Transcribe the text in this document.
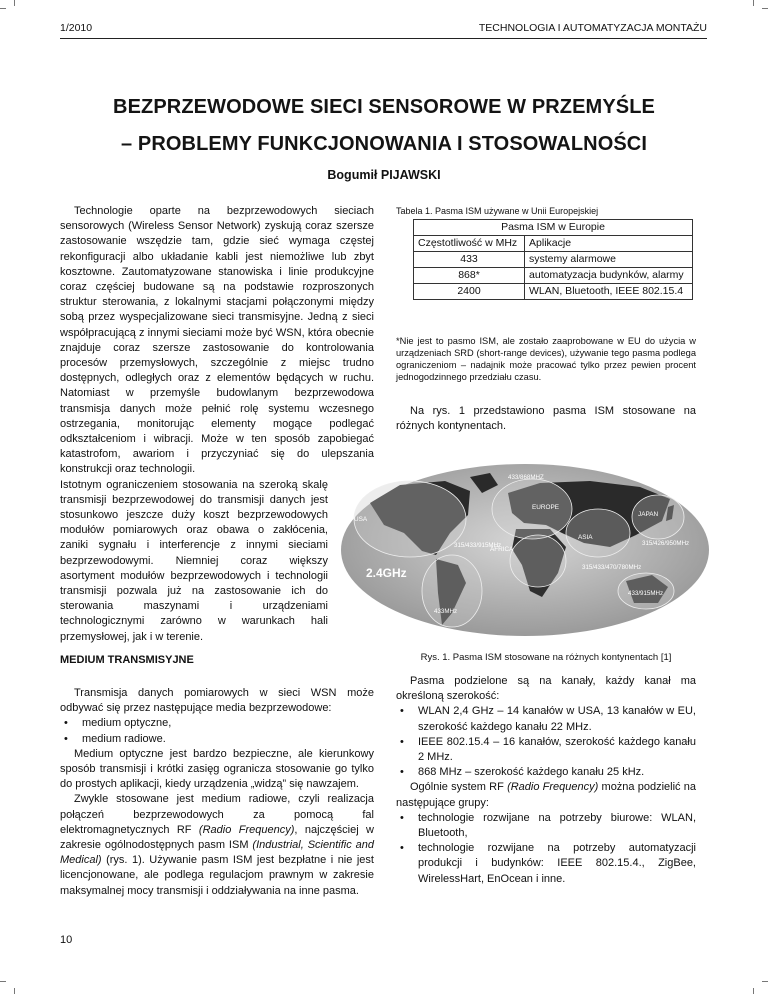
1/2010	TECHNOLOGIA I AUTOMATYZACJA MONTAŻU
BEZPRZEWODOWE SIECI SENSOROWE W PRZEMYŚLE
– PROBLEMY FUNKCJONOWANIA I STOSOWALNOŚCI
Bogumił PIJAWSKI

Technologie oparte na bezprzewodowych sieciach sensorowych (Wireless Sensor Network) zyskują coraz szersze zastosowanie wszędzie tam, gdzie sieć wymaga częstej rekonfiguracji albo układanie kabli jest niemożliwe lub zbyt kosztowne. Zautomatyzowane stanowiska i linie produkcyjne coraz częściej budowane są na podstawie rozproszonych struktur sterowania, z lokalnymi stacjami połączonymi między sobą przez wyspecjalizowane sieci transmisyjne. Jedną z sieci współpracującą z innymi sieciami może być WSN, która obecnie znajduje coraz szersze zastosowanie do kontrolowania procesów przemysłowych, szczególnie z miejsc trudno dostępnych, odległych oraz z elementów będących w ruchu. Natomiast w przemyśle budowlanym bezprzewodowa transmisja danych może pełnić rolę systemu wczesnego ostrzegania, monitorując elementy mogące podlegać odkształceniom i wibracji. Może w ten sposób zapobiegać katastrofom, awariom i przyczyniać się do ulepszania konstrukcji oraz technologii.

Istotnym ograniczeniem stosowania na szeroką skalę transmisji bezprzewodowej do transmisji danych jest stosunkowo jeszcze duży koszt bezprzewodowych modułów pomiarowych oraz obawa o zakłócenia, zaniki sygnału i interferencje z innymi sieciami bezprzewodowymi. Niemniej coraz większy asortyment modułów bezprzewodowych i technologii transmisji pozwala już na zastosowanie ich do sterowania maszynami i urządzeniami technologicznymi zarówno w warunkach hali przemysłowej, jak i w terenie.

Tabela 1. Pasma ISM używane w Unii Europejskiej
Pasma ISM w Europie	
Częstotliwość w MHz	Aplikacje
433	systemy alarmowe
868*	automatyzacja budynków, alarmy
2400	WLAN, Bluetooth, IEEE 802.15.4
*Nie jest to pasmo ISM, ale zostało zaaprobowane w EU do użycia w urządzeniach SRD (short-range devices), używanie tego pasma podlega ograniczeniom – nadajnik może pracować tylko przez pewien procent jednogodzinnego przedziału czasu.
Na rys. 1 przedstawiono pasma ISM stosowane na różnych kontynentach.
433/868MHZ
EUROPE
JAPAN
USA
315/433/915MHz
ASIA
315/426/950MHz
AFRICA
315/433/470/780MHz
433/915MHz
433MHz
2.4GHz
Rys. 1. Pasma ISM stosowane na różnych kontynentach [1]
MEDIUM TRANSMISYJNE

Transmisja danych pomiarowych w sieci WSN może odbywać się przez następujące media bezprzewodowe:

• medium optyczne,
• medium radiowe.

Medium optyczne jest bardzo bezpieczne, ale kierunkowy sposób transmisji i krótki zasięg ogranicza stosowanie go tylko do prostych aplikacji, kiedy urządzenia „widzą” się nawzajem.

Zwykle stosowane jest medium radiowe, czyli realizacja połączeń bezprzewodowych za pomocą fal elektromagnetycznych RF (Radio Frequency), najczęściej w zakresie ogólnodostępnych pasm ISM (Industrial, Scientific and Medical) (rys. 1). Używanie pasm ISM jest bezpłatne i nie jest licencjonowane, ale podlega regulacjom prawnym w zakresie maksymalnej mocy transmisji i oddziaływania na inne pasma.

Pasma podzielone są na kanały, każdy kanał ma określoną szerokość:

• WLAN 2,4 GHz – 14 kanałów w USA, 13 kanałów w EU, szerokość każdego kanału 22 MHz.
• IEEE 802.15.4 – 16 kanałów, szerokość każdego kanału 2 MHz.
• 868 MHz – szerokość każdego kanału 25 kHz.

Ogólnie system RF (Radio Frequency) można podzielić na następujące grupy:

• technologie rozwijane na potrzeby biurowe: WLAN, Bluetooth,
• technologie rozwijane na potrzeby automatyzacji produkcji i budynków: IEEE 802.15.4., ZigBee, WirelessHart, EnOcean i inne.
10
